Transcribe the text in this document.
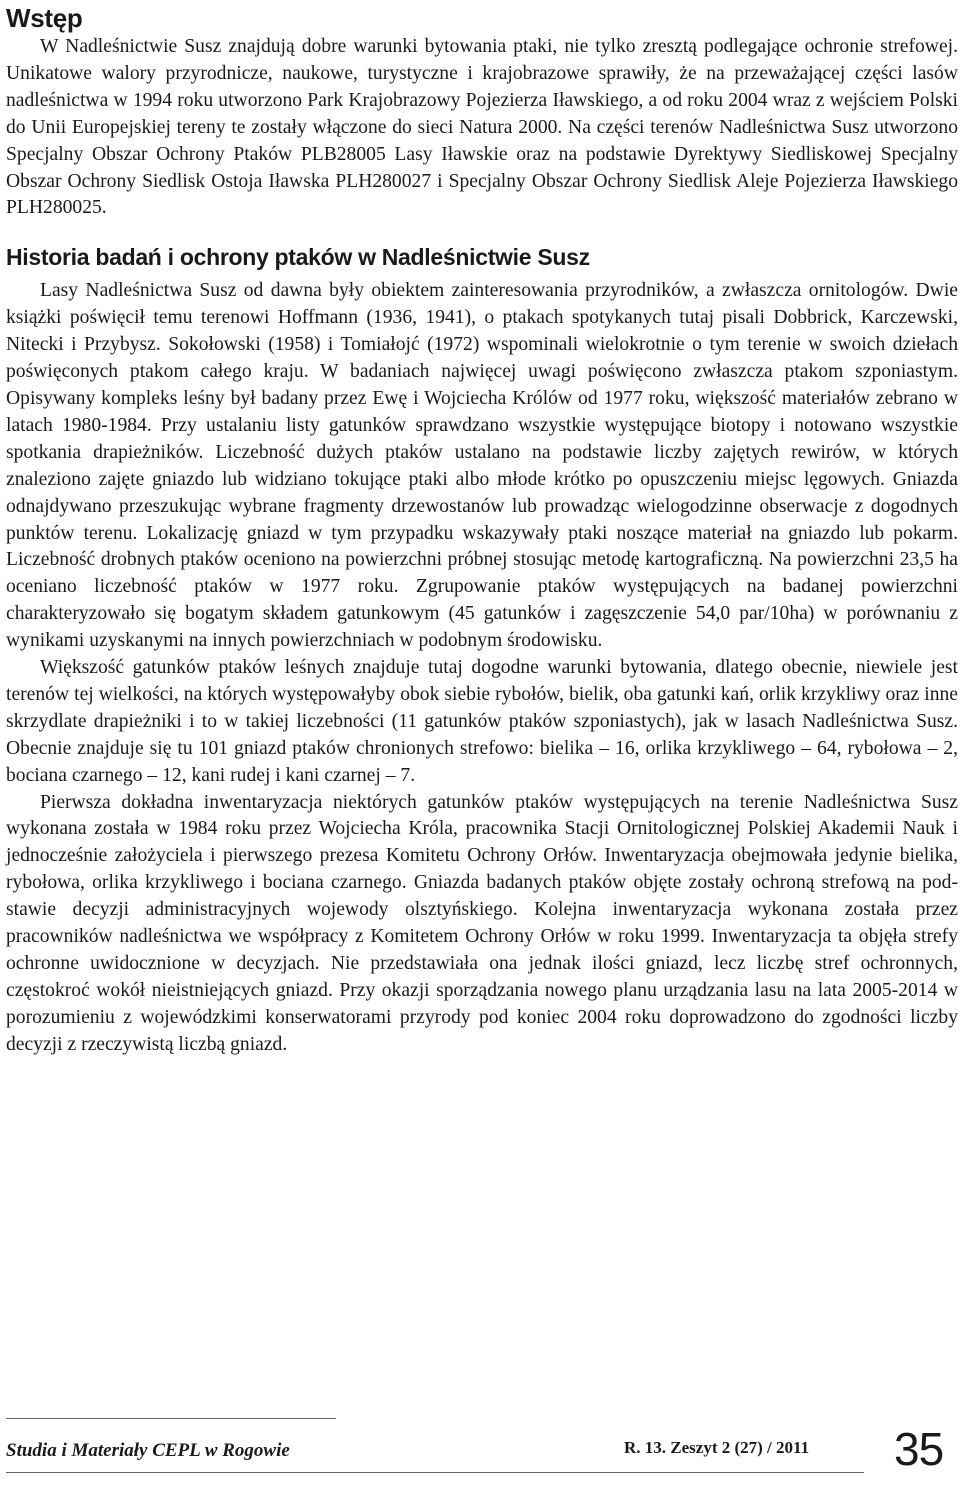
Wstęp

W Nadleśnictwie Susz znajdują dobre warunki bytowania ptaki, nie tylko zresztą podlegające ochronie strefowej. Unikatowe walory przyrodnicze, naukowe, turystyczne i krajobrazowe sprawiły, że na przeważającej części lasów nadleśnictwa w 1994 roku utworzono Park Krajobrazowy Pojezierza Iławskiego, a od roku 2004 wraz z wejściem Polski do Unii Europejskiej tereny te zostały włączone do sieci Natura 2000. Na części terenów Nadleśnictwa Susz utworzono Specjalny Obszar Ochrony Ptaków PLB28005 Lasy Iławskie oraz na podstawie Dyrektywy Siedliskowej Specjalny Obszar Ochrony Siedlisk Ostoja Iławska PLH280027 i Specjalny Obszar Ochrony Siedlisk Aleje Pojezierza Iławskiego PLH280025.

Historia badań i ochrony ptaków w Nadleśnictwie Susz

Lasy Nadleśnictwa Susz od dawna były obiektem zainteresowania przyrodników, a zwłaszcza ornitologów. Dwie książki poświęcił temu terenowi Hoffmann (1936, 1941), o ptakach spotykanych tutaj pisali Dobbrick, Karczewski, Nitecki i Przybysz. Sokołowski (1958) i Tomiałojć (1972) wspominali wielokrotnie o tym terenie w swoich dziełach poświęconych ptakom całego kraju. W badaniach najwięcej uwagi poświęcono zwłaszcza ptakom szponiastym. Opisywany kompleks leśny był badany przez Ewę i Wojciecha Królów od 1977 roku, większość materiałów zebrano w latach 1980-1984. Przy ustalaniu listy gatunków sprawdzano wszystkie występujące biotopy i notowano wszystkie spotkania drapieżników. Liczebność dużych ptaków ustalano na podstawie liczby zajętych rewirów, w których znaleziono zajęte gniazdo lub widziano tokujące ptaki albo młode krótko po opuszczeniu miejsc lęgowych. Gniazda odnajdywano przeszukując wybrane fragmenty drzewostanów lub prowadząc wielogodzinne obserwacje z dogodnych punktów terenu. Lokalizację gniazd w tym przypadku wskazywały ptaki noszące materiał na gniazdo lub pokarm. Liczebność drobnych ptaków oceniono na powierzchni próbnej stosując metodę kartograficzną. Na powierzchni 23,5 ha oceniano liczebność ptaków w 1977 roku. Zgrupowanie ptaków występujących na badanej powierzchni charakteryzowało się bogatym składem gatunkowym (45 gatunków i zagęszczenie 54,0 par/10ha) w porównaniu z wynikami uzyskanymi na innych powierzchniach w podobnym środowisku.

Większość gatunków ptaków leśnych znajduje tutaj dogodne warunki bytowania, dlatego obecnie, niewiele jest terenów tej wielkości, na których występowałyby obok siebie rybołów, bielik, oba gatunki kań, orlik krzykliwy oraz inne skrzydlate drapieżniki i to w takiej liczebności (11 gatunków ptaków szponiastych), jak w lasach Nadleśnictwa Susz. Obecnie znajduje się tu 101 gniazd ptaków chronionych strefowo: bielika – 16, orlika krzykliwego – 64, rybołowa – 2, bociana czarnego – 12, kani rudej i kani czarnej – 7.

Pierwsza dokładna inwentaryzacja niektórych gatunków ptaków występujących na terenie Nadleśnictwa Susz wykonana została w 1984 roku przez Wojciecha Króla, pracownika Stacji Ornitologicznej Polskiej Akademii Nauk i jednocześnie założyciela i pierwszego prezesa Komitetu Ochrony Orłów. Inwentaryzacja obejmowała jedynie bielika, rybołowa, orlika krzykliwego i bociana czarnego. Gniazda badanych ptaków objęte zostały ochroną strefową na podstawie decyzji administracyjnych wojewody olsztyńskiego. Kolejna inwentaryzacja wykonana została przez pracowników nadleśnictwa we współpracy z Komitetem Ochrony Orłów w roku 1999. Inwentaryzacja ta objęła strefy ochronne uwidocznione w decyzjach. Nie przedstawiała ona jednak ilości gniazd, lecz liczbę stref ochronnych, częstokroć wokół nieistniejących gniazd. Przy okazji sporządzania nowego planu urządzania lasu na lata 2005-2014 w porozumieniu z wojewódzkimi konserwatorami przyrody pod koniec 2004 roku doprowadzono do zgodności liczby decyzji z rzeczywistą liczbą gniazd.

Studia i Materiały CEPL w Rogowie	R. 13. Zeszyt 2 (27) / 2011 35
